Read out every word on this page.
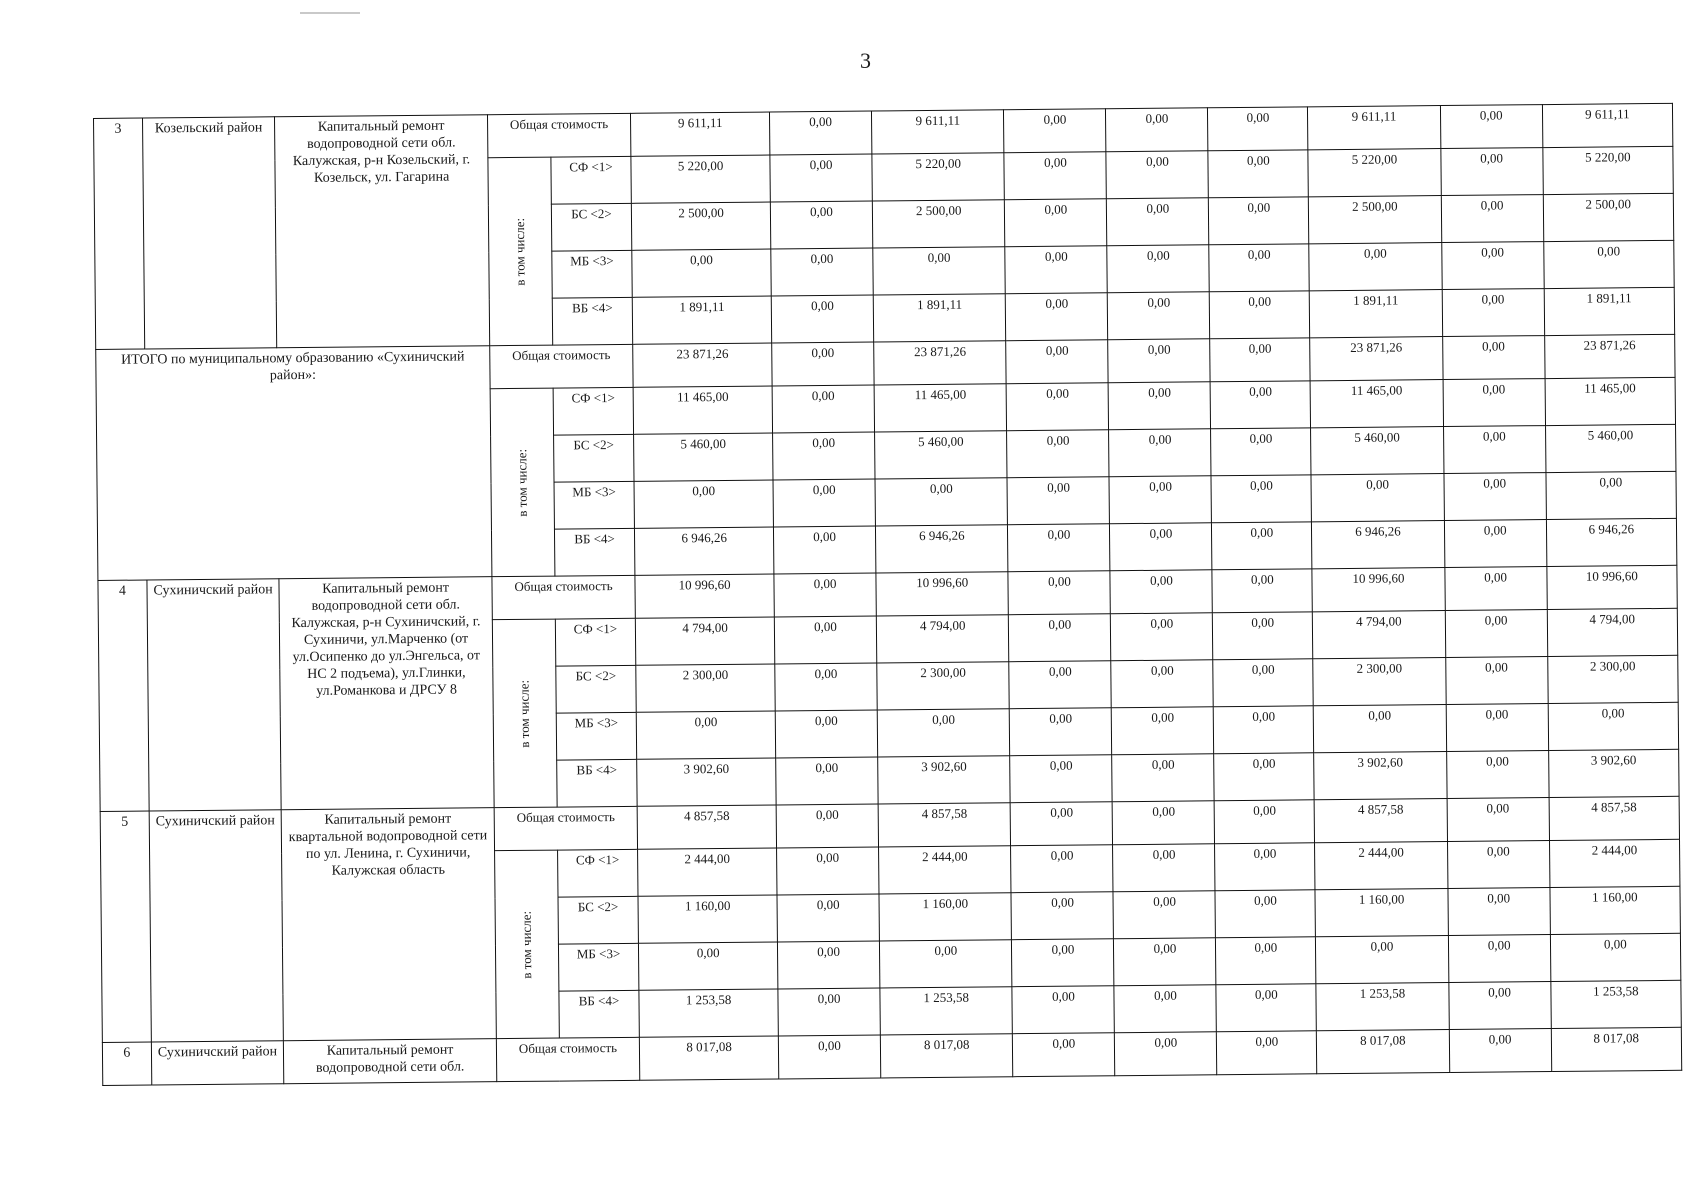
3
3	Козельский район	Капитальный ремонт водопроводной сети обл. Калужская, р-н Козельский, г. Козельск, ул. Гагарина	Общая стоимость		9 611,11	0,00	9 611,11	0,00	0,00	0,00	9 611,11	0,00	9 611,11

			в том числе:	СФ <1>	5 220,00	0,00	5 220,00	0,00	0,00	0,00	5 220,00	0,00	5 220,00
				БС <2>	2 500,00	0,00	2 500,00	0,00	0,00	0,00	2 500,00	0,00	2 500,00
				МБ <3>	0,00	0,00	0,00	0,00	0,00	0,00	0,00	0,00	0,00
				ВБ <4>	1 891,11	0,00	1 891,11	0,00	0,00	0,00	1 891,11	0,00	1 891,11
ИТОГО по муниципальному образованию «Сухиничский район»:			Общая стоимость		23 871,26	0,00	23 871,26	0,00	0,00	0,00	23 871,26	0,00	23 871,26

			в том числе:	СФ <1>	11 465,00	0,00	11 465,00	0,00	0,00	0,00	11 465,00	0,00	11 465,00
				БС <2>	5 460,00	0,00	5 460,00	0,00	0,00	0,00	5 460,00	0,00	5 460,00
				МБ <3>	0,00	0,00	0,00	0,00	0,00	0,00	0,00	0,00	0,00
				ВБ <4>	6 946,26	0,00	6 946,26	0,00	0,00	0,00	6 946,26	0,00	6 946,26
4	Сухиничский район	Капитальный ремонт водопроводной сети обл. Калужская, р-н Сухиничский, г. Сухиничи, ул.Марченко (от ул.Осипенко до ул.Энгельса, от НС 2 подъема), ул.Глинки, ул.Романкова и ДРСУ 8	Общая стоимость		10 996,60	0,00	10 996,60	0,00	0,00	0,00	10 996,60	0,00	10 996,60

			в том числе:	СФ <1>	4 794,00	0,00	4 794,00	0,00	0,00	0,00	4 794,00	0,00	4 794,00
				БС <2>	2 300,00	0,00	2 300,00	0,00	0,00	0,00	2 300,00	0,00	2 300,00
				МБ <3>	0,00	0,00	0,00	0,00	0,00	0,00	0,00	0,00	0,00
				ВБ <4>	3 902,60	0,00	3 902,60	0,00	0,00	0,00	3 902,60	0,00	3 902,60
5	Сухиничский район	Капитальный ремонт квартальной водопроводной сети по ул. Ленина, г. Сухиничи, Калужская область	Общая стоимость		4 857,58	0,00	4 857,58	0,00	0,00	0,00	4 857,58	0,00	4 857,58

			в том числе:	СФ <1>	2 444,00	0,00	2 444,00	0,00	0,00	0,00	2 444,00	0,00	2 444,00
				БС <2>	1 160,00	0,00	1 160,00	0,00	0,00	0,00	1 160,00	0,00	1 160,00
				МБ <3>	0,00	0,00	0,00	0,00	0,00	0,00	0,00	0,00	0,00
				ВБ <4>	1 253,58	0,00	1 253,58	0,00	0,00	0,00	1 253,58	0,00	1 253,58
6	Сухиничский район	Капитальный ремонт водопроводной сети обл.	Общая стоимость		8 017,08	0,00	8 017,08	0,00	0,00	0,00	8 017,08	0,00	8 017,08
